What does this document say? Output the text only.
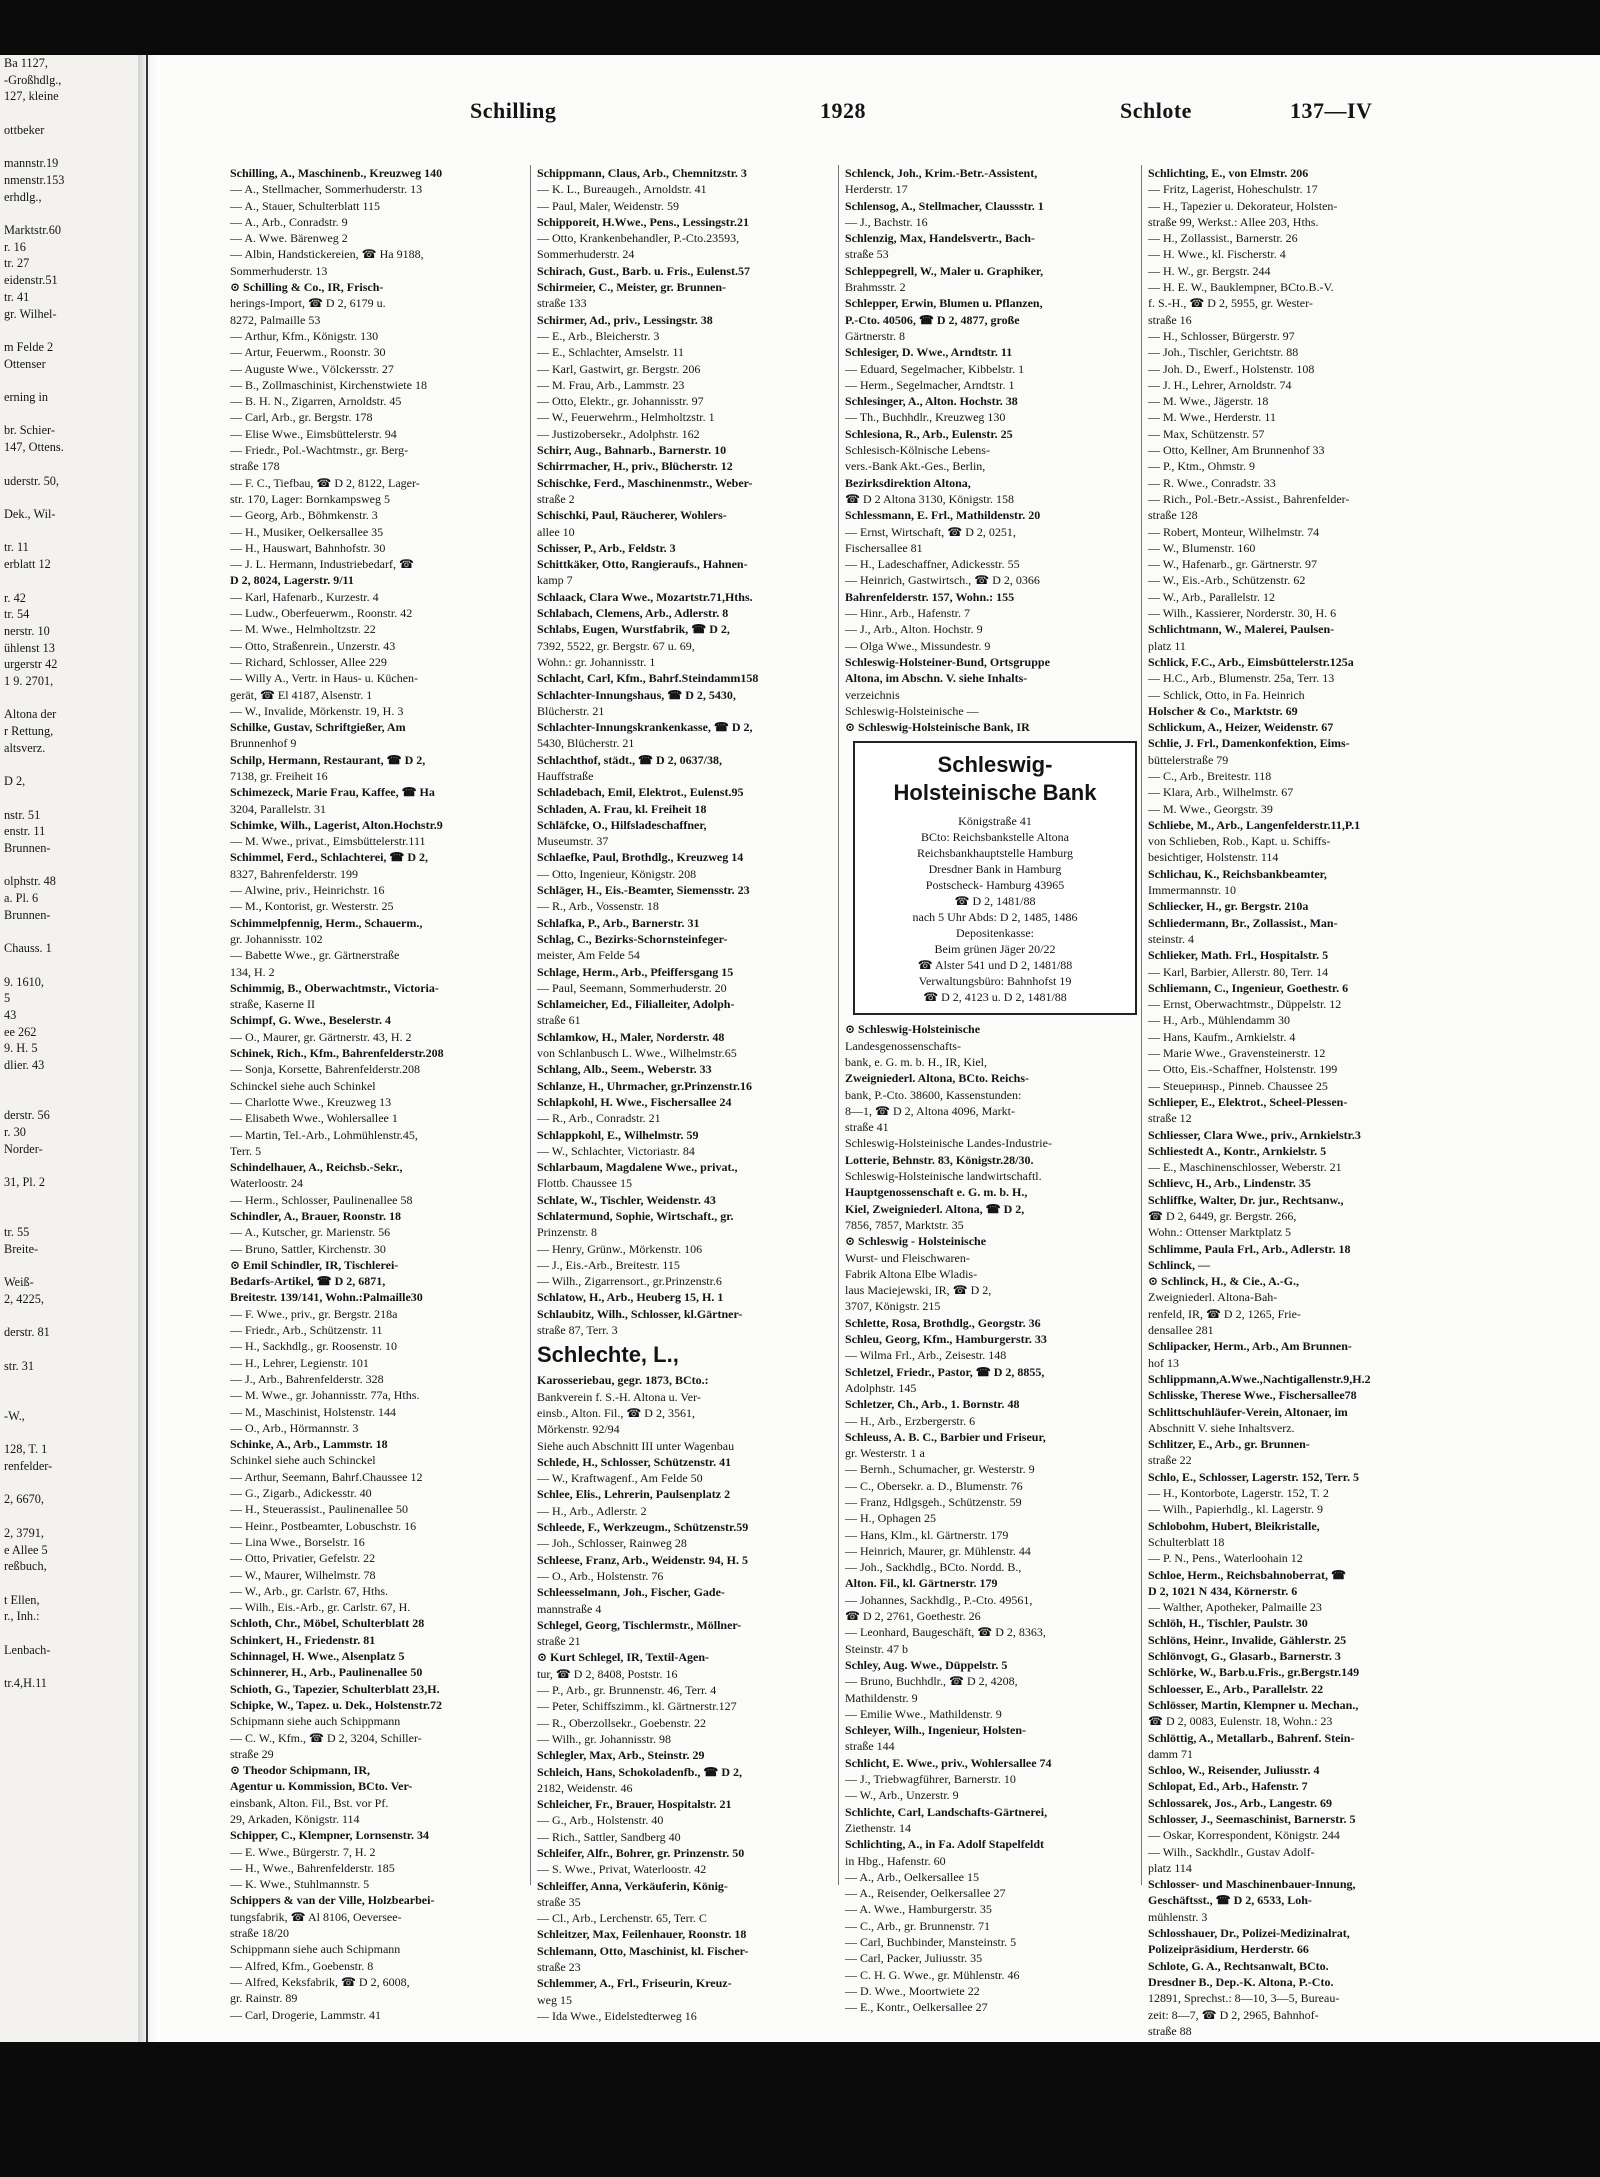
Ba 1127,
-Großhdlg.,
127, kleine

ottbeker

mannstr.19
nmenstr.153
erhdlg.,

Marktstr.60
r. 16
tr. 27
eidenstr.51
tr. 41
gr. Wilhel-

m Felde 2
Ottenser

erning in

br. Schier-
147, Ottens.

uderstr. 50,

Dek., Wil-

tr. 11
erblatt 12

r. 42
tr. 54
nerstr. 10
ühlenst 13
urgerstr 42
1 9. 2701,

Altona der
r Rettung,
altsverz.

D 2,

nstr. 51
enstr. 11
Brunnen-

olphstr. 48
a. Pl. 6
Brunnen-

Chauss. 1

9. 1610,
5
43
ee 262
9. H. 5
dlier. 43

derstr. 56
r. 30
Norder-

31, Pl. 2

tr. 55
Breite-

Weiß-
2, 4225,

derstr. 81

str. 31

-W.,

128, T. 1
renfelder-

2, 6670,

2, 3791,
e Allee 5
reßbuch,

t Ellen,
r., Inh.:

Lenbach-

tr.4,H.11
Schilling	1928	Schlote	137—IV

Schilling, A., Maschinenb., Kreuzweg 140

— A., Stellmacher, Sommerhuderstr. 13

— A., Stauer, Schulterblatt 115

— A., Arb., Conradstr. 9

— A. Wwe. Bärenweg 2

— Albin, Handstickereien, ☎ Ha 9188,

Sommerhuderstr. 13

⊙ Schilling & Co., IR, Frisch-

herings-Import, ☎ D 2, 6179 u.

8272, Palmaille 53

— Arthur, Kfm., Königstr. 130

— Artur, Feuerwm., Roonstr. 30

— Auguste Wwe., Völckersstr. 27

— B., Zollmaschinist, Kirchenstwiete 18

— B. H. N., Zigarren, Arnoldstr. 45

— Carl, Arb., gr. Bergstr. 178

— Elise Wwe., Eimsbüttelerstr. 94

— Friedr., Pol.-Wachtmstr., gr. Berg-

straße 178

— F. C., Tiefbau, ☎ D 2, 8122, Lager-

str. 170, Lager: Bornkampsweg 5

— Georg, Arb., Böhmkenstr. 3

— H., Musiker, Oelkersallee 35

— H., Hauswart, Bahnhofstr. 30

— J. L. Hermann, Industriebedarf, ☎

D 2, 8024, Lagerstr. 9/11

— Karl, Hafenarb., Kurzestr. 4

— Ludw., Oberfeuerwm., Roonstr. 42

— M. Wwe., Helmholtzstr. 22

— Otto, Straßenrein., Unzerstr. 43

— Richard, Schlosser, Allee 229

— Willy A., Vertr. in Haus- u. Küchen-

gerät, ☎ El 4187, Alsenstr. 1

— W., Invalide, Mörkenstr. 19, H. 3

Schilke, Gustav, Schriftgießer, Am

Brunnenhof 9

Schilp, Hermann, Restaurant, ☎ D 2,

7138, gr. Freiheit 16

Schimezeck, Marie Frau, Kaffee, ☎ Ha

3204, Parallelstr. 31

Schimke, Wilh., Lagerist, Alton.Hochstr.9

— M. Wwe., privat., Eimsbüttelerstr.111

Schimmel, Ferd., Schlachterei, ☎ D 2,

8327, Bahrenfelderstr. 199

— Alwine, priv., Heinrichstr. 16

— M., Kontorist, gr. Westerstr. 25

Schimmelpfennig, Herm., Schauerm.,

gr. Johannisstr. 102

— Babette Wwe., gr. Gärtnerstraße

134, H. 2

Schimmig, B., Oberwachtmstr., Victoria-

straße, Kaserne II

Schimpf, G. Wwe., Beselerstr. 4

— O., Maurer, gr. Gärtnerstr. 43, H. 2

Schinek, Rich., Kfm., Bahrenfelderstr.208

— Sonja, Korsette, Bahrenfelderstr.208

Schinckel siehe auch Schinkel

— Charlotte Wwe., Kreuzweg 13

— Elisabeth Wwe., Wohlersallee 1

— Martin, Tel.-Arb., Lohmühlenstr.45,

Terr. 5

Schindelhauer, A., Reichsb.-Sekr.,

Waterloostr. 24

— Herm., Schlosser, Paulinenallee 58

Schindler, A., Brauer, Roonstr. 18

— A., Kutscher, gr. Marienstr. 56

— Bruno, Sattler, Kirchenstr. 30

⊙ Emil Schindler, IR, Tischlerei-

Bedarfs-Artikel, ☎ D 2, 6871,

Breitestr. 139/141, Wohn.:Palmaille30

— F. Wwe., priv., gr. Bergstr. 218a

— Friedr., Arb., Schützenstr. 11

— H., Sackhdlg., gr. Roosenstr. 10

— H., Lehrer, Legienstr. 101

— J., Arb., Bahrenfelderstr. 328

— M. Wwe., gr. Johannisstr. 77a, Hths.

— M., Maschinist, Holstenstr. 144

— O., Arb., Hörmannstr. 3

Schinke, A., Arb., Lammstr. 18

Schinkel siehe auch Schinckel

— Arthur, Seemann, Bahrf.Chaussee 12

— G., Zigarb., Adickesstr. 40

— H., Steuerassist., Paulinenallee 50

— Heinr., Postbeamter, Lobuschstr. 16

— Lina Wwe., Borselstr. 16

— Otto, Privatier, Gefelstr. 22

— W., Maurer, Wilhelmstr. 78

— W., Arb., gr. Carlstr. 67, Hths.

— Wilh., Eis.-Arb., gr. Carlstr. 67, H.

Schloth, Chr., Möbel, Schulterblatt 28

Schinkert, H., Friedenstr. 81

Schinnagel, H. Wwe., Alsenplatz 5

Schinnerer, H., Arb., Paulinenallee 50

Schioth, G., Tapezier, Schulterblatt 23,H.

Schipke, W., Tapez. u. Dek., Holstenstr.72

Schipmann siehe auch Schippmann

— C. W., Kfm., ☎ D 2, 3204, Schiller-

straße 29

⊙ Theodor Schipmann, IR,

Agentur u. Kommission, BCto. Ver-

einsbank, Alton. Fil., Bst. vor Pf.

29, Arkaden, Königstr. 114

Schipper, C., Klempner, Lornsenstr. 34

— E. Wwe., Bürgerstr. 7, H. 2

— H., Wwe., Bahrenfelderstr. 185

— K. Wwe., Stuhlmannstr. 5

Schippers & van der Ville, Holzbearbei-

tungsfabrik, ☎ Al 8106, Oeverseе-

straße 18/20

Schippmann siehe auch Schipmann

— Alfred, Kfm., Goebenstr. 8

— Alfred, Keksfabrik, ☎ D 2, 6008,

gr. Rainstr. 89

— Carl, Drogerie, Lammstr. 41

Schippmann, Claus, Arb., Chemnitzstr. 3

— K. L., Bureaugeh., Arnoldstr. 41

— Paul, Maler, Weidenstr. 59

Schipporeit, H.Wwe., Pens., Lessingstr.21

— Otto, Krankenbehandler, P.-Cto.23593,

Sommerhuderstr. 24

Schirach, Gust., Barb. u. Fris., Eulenst.57

Schirmeier, C., Meister, gr. Brunnen-

straße 133

Schirmer, Ad., priv., Lessingstr. 38

— E., Arb., Bleicherstr. 3

— E., Schlachter, Amselstr. 11

— Karl, Gastwirt, gr. Bergstr. 206

— M. Frau, Arb., Lammstr. 23

— Otto, Elektr., gr. Johannisstr. 97

— W., Feuerwehrm., Helmholtzstr. 1

— Justizobersekr., Adolphstr. 162

Schirr, Aug., Bahnarb., Barnerstr. 10

Schirrmacher, H., priv., Blücherstr. 12

Schischke, Ferd., Maschinenmstr., Weber-

straße 2

Schischki, Paul, Räucherer, Wohlers-

allee 10

Schisser, P., Arb., Feldstr. 3

Schittkäker, Otto, Rangieraufs., Hahnen-

kamp 7

Schlaack, Clara Wwe., Mozartstr.71,Hths.

Schlabach, Clemens, Arb., Adlerstr. 8

Schlabs, Eugen, Wurstfabrik, ☎ D 2,

7392, 5522, gr. Bergstr. 67 u. 69,

Wohn.: gr. Johannisstr. 1

Schlacht, Carl, Kfm., Bahrf.Steindamm158

Schlachter-Innungshaus, ☎ D 2, 5430,

Blücherstr. 21

Schlachter-Innungskrankenkasse, ☎ D 2,

5430, Blücherstr. 21

Schlachthof, städt., ☎ D 2, 0637/38,

Hauffstraße

Schladebach, Emil, Elektrot., Eulenst.95

Schladen, A. Frau, kl. Freiheit 18

Schläfcke, O., Hilfsladeschaffner,

Museumstr. 37

Schlaefke, Paul, Brothdlg., Kreuzweg 14

— Otto, Ingenieur, Königstr. 208

Schläger, H., Eis.-Beamter, Siemensstr. 23

— R., Arb., Vossenstr. 18

Schlafka, P., Arb., Barnerstr. 31

Schlag, C., Bezirks-Schornsteinfeger-

meister, Am Felde 54

Schlage, Herm., Arb., Pfeiffersgang 15

— Paul, Seemann, Sommerhuderstr. 20

Schlameicher, Ed., Filialleiter, Adolph-

straße 61

Schlamkow, H., Maler, Norderstr. 48

von Schlanbusch L. Wwe., Wilhelmstr.65

Schlang, Alb., Seem., Weberstr. 33

Schlanze, H., Uhrmacher, gr.Prinzenstr.16

Schlapkohl, H. Wwe., Fischersallee 24

— R., Arb., Conradstr. 21

Schlappkohl, E., Wilhelmstr. 59

— W., Schlachter, Victoriastr. 84

Schlarbaum, Magdalene Wwe., privat.,

Flottb. Chaussee 15

Schlate, W., Tischler, Weidenstr. 43

Schlatermund, Sophie, Wirtschaft., gr.

Prinzenstr. 8

— Henry, Grünw., Mörkenstr. 106

— J., Eis.-Arb., Breitestr. 115

— Wilh., Zigarrensort., gr.Prinzenstr.6

Schlatow, H., Arb., Heuberg 15, H. 1

Schlaubitz, Wilh., Schlosser, kl.Gärtner-

straße 87, Terr. 3

Schlechte, L.,

Karosseriebau, gegr. 1873, BCto.:

Bankverein f. S.-H. Altona u. Ver-

einsb., Alton. Fil., ☎ D 2, 3561,

Mörkenstr. 92/94

Siehe auch Abschnitt III unter Wagenbau

Schlede, H., Schlosser, Schützenstr. 41

— W., Kraftwagenf., Am Felde 50

Schlee, Elis., Lehrerin, Paulsenplatz 2

— H., Arb., Adlerstr. 2

Schleede, F., Werkzeugm., Schützenstr.59

— Joh., Schlosser, Rainweg 28

Schleese, Franz, Arb., Weidenstr. 94, H. 5

— O., Arb., Holstenstr. 76

Schleesselmann, Joh., Fischer, Gade-

mannstraße 4

Schlegel, Georg, Tischlermstr., Möllner-

straße 21

⊙ Kurt Schlegel, IR, Textil-Agen-

tur, ☎ D 2, 8408, Poststr. 16

— P., Arb., gr. Brunnenstr. 46, Terr. 4

— Peter, Schiffszimm., kl. Gärtnerstr.127

— R., Oberzollsekr., Goebenstr. 22

— Wilh., gr. Johannisstr. 98

Schlegler, Max, Arb., Steinstr. 29

Schleich, Hans, Schokoladenfb., ☎ D 2,

2182, Weidenstr. 46

Schleicher, Fr., Brauer, Hospitalstr. 21

— G., Arb., Holstenstr. 40

— Rich., Sattler, Sandberg 40

Schleifer, Alfr., Bohrer, gr. Prinzenstr. 50

— S. Wwe., Privat, Waterloostr. 42

Schleiffer, Anna, Verkäuferin, König-

straße 35

— Cl., Arb., Lerchenstr. 65, Terr. C

Schleitzer, Max, Feilenhauer, Roonstr. 18

Schlemann, Otto, Maschinist, kl. Fischer-

straße 23

Schlemmer, A., Frl., Friseurin, Kreuz-

weg 15

— Ida Wwe., Eidelstedterweg 16

Schlenck, Joh., Krim.-Betr.-Assistent,

Herderstr. 17

Schlensog, A., Stellmacher, Claussstr. 1

— J., Bachstr. 16

Schlenzig, Max, Handelsvertr., Bach-

straße 53

Schleppegrell, W., Maler u. Graphiker,

Brahmsstr. 2

Schlepper, Erwin, Blumen u. Pflanzen,

P.-Cto. 40506, ☎ D 2, 4877, große

Gärtnerstr. 8

Schlesiger, D. Wwe., Arndtstr. 11

— Eduard, Segelmacher, Kibbelstr. 1

— Herm., Segelmacher, Arndtstr. 1

Schlesinger, A., Alton. Hochstr. 38

— Th., Buchhdlr., Kreuzweg 130

Schlesiona, R., Arb., Eulenstr. 25

Schlesisch-Kölnische Lebens-

vers.-Bank Akt.-Ges., Berlin,

Bezirksdirektion Altona,

☎ D 2 Altona 3130, Königstr. 158

Schlessmann, E. Frl., Mathildenstr. 20

— Ernst, Wirtschaft, ☎ D 2, 0251,

Fischersallee 81

— H., Ladeschaffner, Adickesstr. 55

— Heinrich, Gastwirtsch., ☎ D 2, 0366

Bahrenfelderstr. 157, Wohn.: 155

— Hinr., Arb., Hafenstr. 7

— J., Arb., Alton. Hochstr. 9

— Olga Wwe., Missundestr. 9

Schleswig-Holsteiner-Bund, Ortsgruppe

Altona, im Abschn. V. siehe Inhalts-

verzeichnis

Schleswig-Holsteinische —

⊙ Schleswig-Holsteinische Bank, IR

Schleswig-
Holsteinische Bank

Königstraße 41

BCto: Reichsbankstelle Altona

Reichsbankhauptstelle Hamburg

Dresdner Bank in Hamburg

Postscheck- Hamburg 43965

☎ D 2, 1481/88

nach 5 Uhr Abds: D 2, 1485, 1486

Depositenkasse:

Beim grünen Jäger 20/22

☎ Alster 541 und D 2, 1481/88

Verwaltungsbüro: Bahnhofst 19

☎ D 2, 4123 u. D 2, 1481/88

⊙ Schleswig-Holsteinische

Landesgenossenschafts-

bank, e. G. m. b. H., IR, Kiel,

Zweigniederl. Altona, BCto. Reichs-

bank, P.-Cto. 38600, Kassenstunden:

8—1, ☎ D 2, Altona 4096, Markt-

straße 41

Schleswig-Holsteinische Landes-Industrie-

Lotterie, Behnstr. 83, Königstr.28/30.

Schleswig-Holsteinische landwirtschaftl.

Hauptgenossenschaft e. G. m. b. H.,

Kiel, Zweigniederl. Altona, ☎ D 2,

7856, 7857, Marktstr. 35

⊙ Schleswig - Holsteinische

Wurst- und Fleischwaren-

Fabrik Altona Elbe Wladis-

laus Maciejewski, IR, ☎ D 2,

3707, Königstr. 215

Schlette, Rosa, Brothdlg., Georgstr. 36

Schleu, Georg, Kfm., Hamburgerstr. 33

— Wilma Frl., Arb., Zeisestr. 148

Schletzel, Friedr., Pastor, ☎ D 2, 8855,

Adolphstr. 145

Schletzer, Ch., Arb., 1. Bornstr. 48

— H., Arb., Erzbergerstr. 6

Schleuss, A. B. C., Barbier und Friseur,

gr. Westerstr. 1 a

— Bernh., Schumacher, gr. Westerstr. 9

— C., Obersekr. a. D., Blumenstr. 76

— Franz, Hdlgsgeh., Schützenstr. 59

— H., Ophagen 25

— Hans, Klm., kl. Gärtnerstr. 179

— Heinrich, Maurer, gr. Mühlenstr. 44

— Joh., Sackhdlg., BCto. Nordd. B.,

Alton. Fil., kl. Gärtnerstr. 179

— Johannes, Sackhdlg., P.-Cto. 49561,

☎ D 2, 2761, Goethestr. 26

— Leonhard, Baugeschäft, ☎ D 2, 8363,

Steinstr. 47 b

Schley, Aug. Wwe., Düppelstr. 5

— Bruno, Buchhdlr., ☎ D 2, 4208,

Mathildenstr. 9

— Emilie Wwe., Mathildenstr. 9

Schleyer, Wilh., Ingenieur, Holsten-

straße 144

Schlicht, E. Wwe., priv., Wohlersallee 74

— J., Triebwagführer, Barnerstr. 10

— W., Arb., Unzerstr. 9

Schlichte, Carl, Landschafts-Gärtnerei,

Ziethenstr. 14

Schlichting, A., in Fa. Adolf Stapelfeldt

in Hbg., Hafenstr. 60

— A., Arb., Oelkersallee 15

— A., Reisender, Oelkersallee 27

— A. Wwe., Hamburgerstr. 35

— C., Arb., gr. Brunnenstr. 71

— Carl, Buchbinder, Mansteinstr. 5

— Carl, Packer, Juliusstr. 35

— C. H. G. Wwe., gr. Mühlenstr. 46

— D. Wwe., Moortwiete 22

— E., Kontr., Oelkersallee 27

Schlichting, E., von Elmstr. 206

— Fritz, Lagerist, Hoheschulstr. 17

— H., Tapezier u. Dekorateur, Holsten-

straße 99, Werkst.: Allee 203, Hths.

— H., Zollassist., Barnerstr. 26

— H. Wwe., kl. Fischerstr. 4

— H. W., gr. Bergstr. 244

— H. E. W., Bauklempner, BCto.B.-V.

f. S.-H., ☎ D 2, 5955, gr. Wester-

straße 16

— H., Schlosser, Bürgerstr. 97

— Joh., Tischler, Gerichtstr. 88

— Joh. D., Ewerf., Holstenstr. 108

— J. H., Lehrer, Arnoldstr. 74

— M. Wwe., Jägerstr. 18

— M. Wwe., Herderstr. 11

— Max, Schützenstr. 57

— Otto, Kellner, Am Brunnenhof 33

— P., Ktm., Ohmstr. 9

— R. Wwe., Conradstr. 33

— Rich., Pol.-Betr.-Assist., Bahrenfelder-

straße 128

— Robert, Monteur, Wilhelmstr. 74

— W., Blumenstr. 160

— W., Hafenarb., gr. Gärtnerstr. 97

— W., Eis.-Arb., Schützenstr. 62

— W., Arb., Parallelstr. 12

— Wilh., Kassierer, Norderstr. 30, H. 6

Schlichtmann, W., Malerei, Paulsen-

platz 11

Schlick, F.C., Arb., Eimsbüttelerstr.125a

— H.C., Arb., Blumenstr. 25a, Terr. 13

— Schlick, Otto, in Fa. Heinrich

Holscher & Co., Marktstr. 69

Schlickum, A., Heizer, Weidenstr. 67

Schlie, J. Frl., Damenkonfektion, Eims-

büttelerstraße 79

— C., Arb., Breitestr. 118

— Klara, Arb., Wilhelmstr. 67

— M. Wwe., Georgstr. 39

Schliebe, M., Arb., Langenfelderstr.11,P.1

von Schlieben, Rob., Kapt. u. Schiffs-

besichtiger, Holstenstr. 114

Schlichau, K., Reichsbankbeamter,

Immermannstr. 10

Schliecker, H., gr. Bergstr. 210a

Schliedermann, Br., Zollassist., Man-

steinstr. 4

Schlieker, Math. Frl., Hospitalstr. 5

— Karl, Barbier, Allerstr. 80, Terr. 14

Schliemann, C., Ingenieur, Goethestr. 6

— Ernst, Oberwachtmstr., Düppelstr. 12

— H., Arb., Mühlendamm 30

— Hans, Kaufm., Arnkielstr. 4

— Marie Wwe., Gravensteinerstr. 12

— Otto, Eis.-Schaffner, Holstenstr. 199

— Steueринsp., Pinneb. Chaussee 25

Schlieper, E., Elektrot., Scheel-Plessen-

straße 12

Schliesser, Clara Wwe., priv., Arnkielstr.3

Schliestedt A., Kontr., Arnkielstr. 5

— E., Maschinenschlosser, Weberstr. 21

Schlievc, H., Arb., Lindenstr. 35

Schliffke, Walter, Dr. jur., Rechtsanw.,

☎ D 2, 6449, gr. Bergstr. 266,

Wohn.: Ottenser Marktplatz 5

Schlimme, Paula Frl., Arb., Adlerstr. 18

Schlinck, —

⊙ Schlinck, H., & Cie., A.-G.,

Zweigniederl. Altona-Bah-

renfeld, IR, ☎ D 2, 1265, Frie-

densallee 281

Schlipacker, Herm., Arb., Am Brunnen-

hof 13

Schlippmann,A.Wwe.,Nachtigallenstr.9,H.2

Schlisske, Therese Wwe., Fischersallee78

Schlittschuhläufer-Verein, Altonaer, im

Abschnitt V. siehe Inhaltsverz.

Schlitzer, E., Arb., gr. Brunnen-

straße 22

Schlo, E., Schlosser, Lagerstr. 152, Terr. 5

— H., Kontorbote, Lagerstr. 152, T. 2

— Wilh., Papierhdlg., kl. Lagerstr. 9

Schlobohm, Hubert, Bleikristalle,

Schulterblatt 18

— P. N., Pens., Waterloohain 12

Schloe, Herm., Reichsbahnoberrat, ☎

D 2, 1021 N 434, Körnerstr. 6

— Walther, Apotheker, Palmaille 23

Schlöh, H., Tischler, Paulstr. 30

Schlöns, Heinr., Invalide, Gählerstr. 25

Schlönvogt, G., Glasarb., Barnerstr. 3

Schlörke, W., Barb.u.Fris., gr.Bergstr.149

Schloesser, E., Arb., Parallelstr. 22

Schlösser, Martin, Klempner u. Mechan.,

☎ D 2, 0083, Eulenstr. 18, Wohn.: 23

Schlöttig, A., Metallarb., Bahrenf. Stein-

damm 71

Schloo, W., Reisender, Juliusstr. 4

Schlopat, Ed., Arb., Hafenstr. 7

Schlossarek, Jos., Arb., Langestr. 69

Schlosser, J., Seemaschinist, Barnerstr. 5

— Oskar, Korrespondent, Königstr. 244

— Wilh., Sackhdlr., Gustav Adolf-

platz 114

Schlosser- und Maschinenbauer-Innung,

Geschäftsst., ☎ D 2, 6533, Loh-

mühlenstr. 3

Schlosshauer, Dr., Polizei-Medizinalrat,

Polizeipräsidium, Herderstr. 66

Schlote, G. A., Rechtsanwalt, BCto.

Dresdner B., Dep.-K. Altona, P.-Cto.

12891, Sprechst.: 8—10, 3—5, Bureau-

zeit: 8—7, ☎ D 2, 2965, Bahnhof-

straße 88
